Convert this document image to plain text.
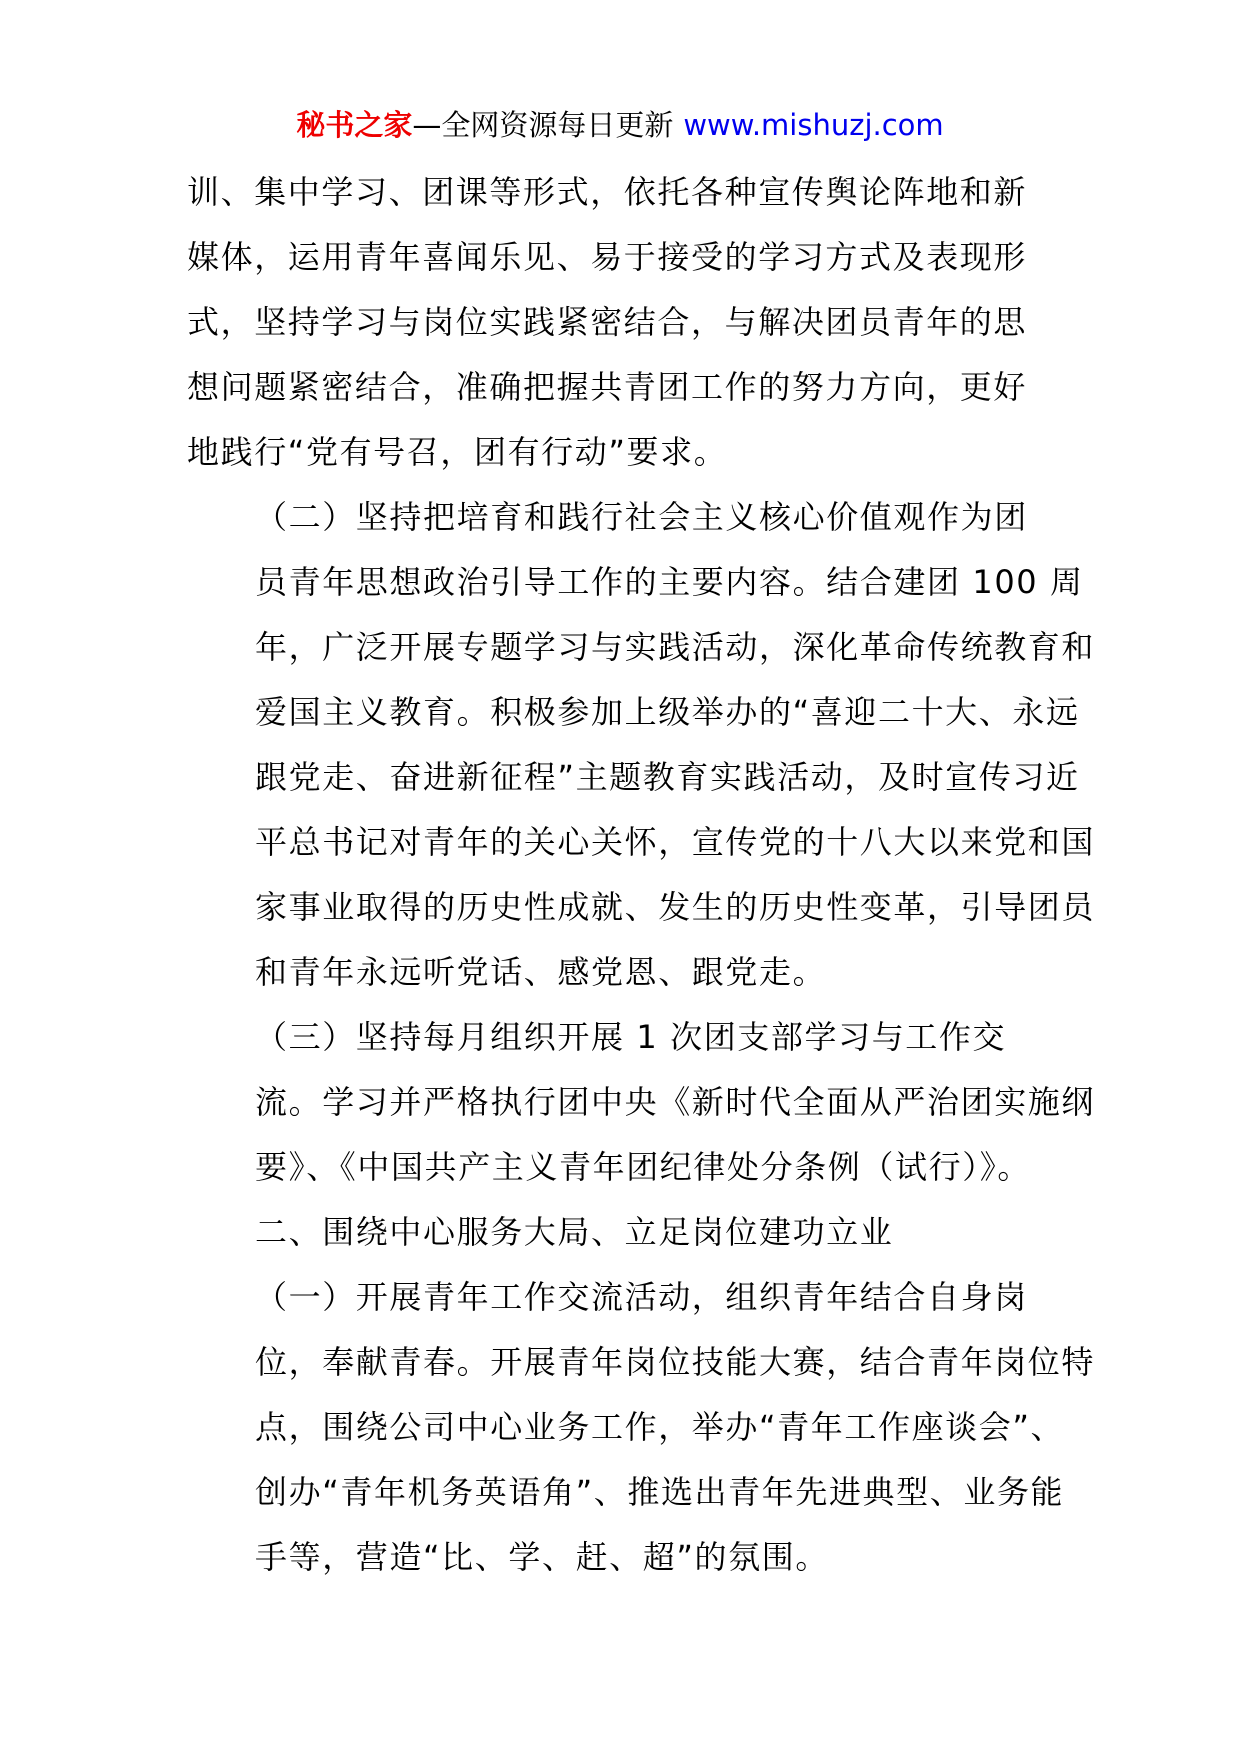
秘书之家—全网资源每日更新 www.mishuzj.com

训、集中学习、团课等形式，依托各种宣传舆论阵地和新
媒体，运用青年喜闻乐见、易于接受的学习方式及表现形
式，坚持学习与岗位实践紧密结合，与解决团员青年的思
想问题紧密结合，准确把握共青团工作的努力方向，更好
地践行“党有号召，团有行动”要求。

（二）坚持把培育和践行社会主义核心价值观作为团
员青年思想政治引导工作的主要内容。结合建团 100 周
年，广泛开展专题学习与实践活动，深化革命传统教育和
爱国主义教育。积极参加上级举办的“喜迎二十大、永远
跟党走、奋进新征程”主题教育实践活动，及时宣传习近
平总书记对青年的关心关怀，宣传党的十八大以来党和国
家事业取得的历史性成就、发生的历史性变革，引导团员
和青年永远听党话、感党恩、跟党走。

（三）坚持每月组织开展 1 次团支部学习与工作交
流。学习并严格执行团中央《新时代全面从严治团实施纲
要》、《中国共产主义青年团纪律处分条例（试行）》。

二、围绕中心服务大局、立足岗位建功立业

（一）开展青年工作交流活动，组织青年结合自身岗
位，奉献青春。开展青年岗位技能大赛，结合青年岗位特
点，围绕公司中心业务工作，举办“青年工作座谈会”、
创办“青年机务英语角”、推选出青年先进典型、业务能
手等，营造“比、学、赶、超”的氛围。
